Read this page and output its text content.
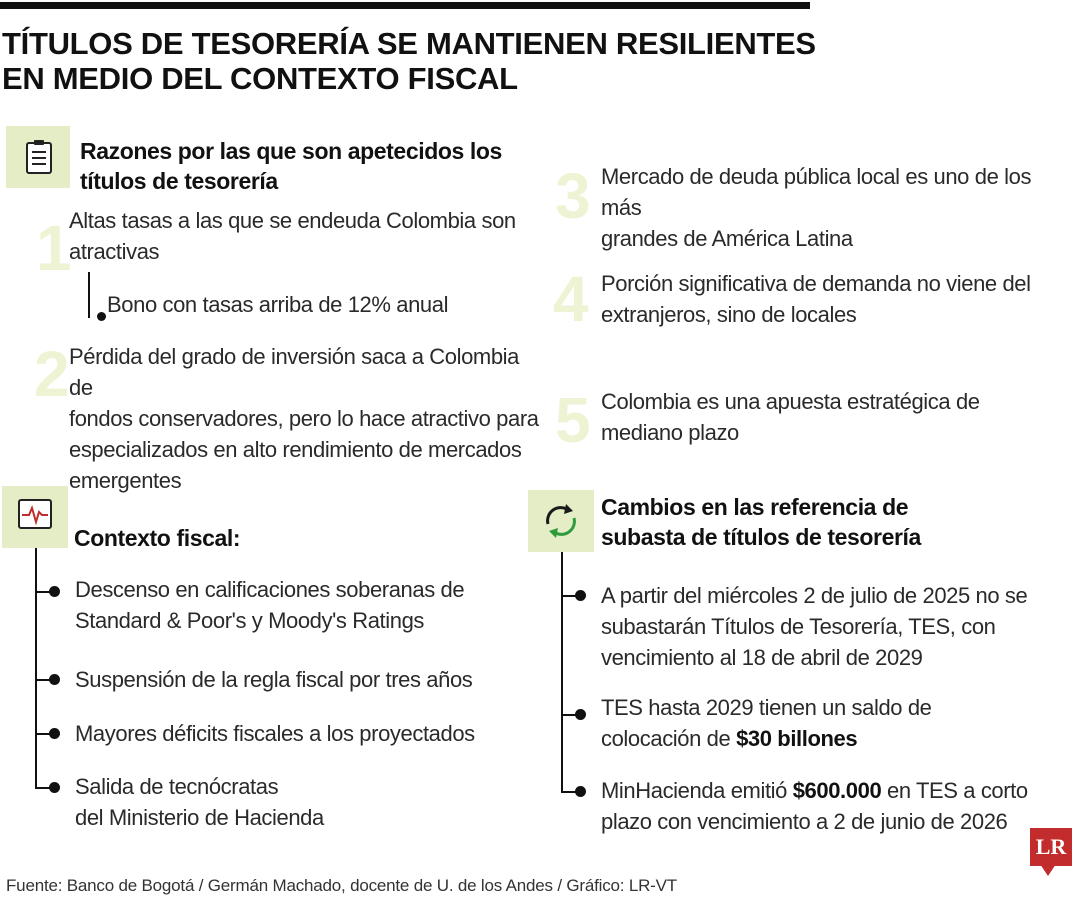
TÍTULOS DE TESORERÍA SE MANTIENEN RESILIENTES
EN MEDIO DEL CONTEXTO FISCAL
Razones por las que son apetecidos los
títulos de tesorería
1
Altas tasas a las que se endeuda Colombia son
atractivas
Bono con tasas arriba de 12% anual
2 Pérdida del grado de inversión saca a Colombia de
fondos conservadores, pero lo hace atractivo para
especializados en alto rendimiento de mercados
emergentes
3 Mercado de deuda pública local es uno de los más
grandes de América Latina
4 Porción significativa de demanda no viene del
extranjeros, sino de locales
5 Colombia es una apuesta estratégica de
mediano plazo
Contexto fiscal:
Descenso en calificaciones soberanas de
Standard & Poor's y Moody's Ratings
Suspensión de la regla fiscal por tres años
Mayores déficits fiscales a los proyectados
Salida de tecnócratas
del Ministerio de Hacienda
Cambios en las referencia de
subasta de títulos de tesorería
A partir del miércoles 2 de julio de 2025 no se
subastarán Títulos de Tesorería, TES, con
vencimiento al 18 de abril de 2029
TES hasta 2029 tienen un saldo de
colocación de $30 billones
MinHacienda emitió $600.000 en TES a corto
plazo con vencimiento a 2 de junio de 2026
LR
Fuente: Banco de Bogotá / Germán Machado, docente de U. de los Andes / Gráfico: LR-VT
